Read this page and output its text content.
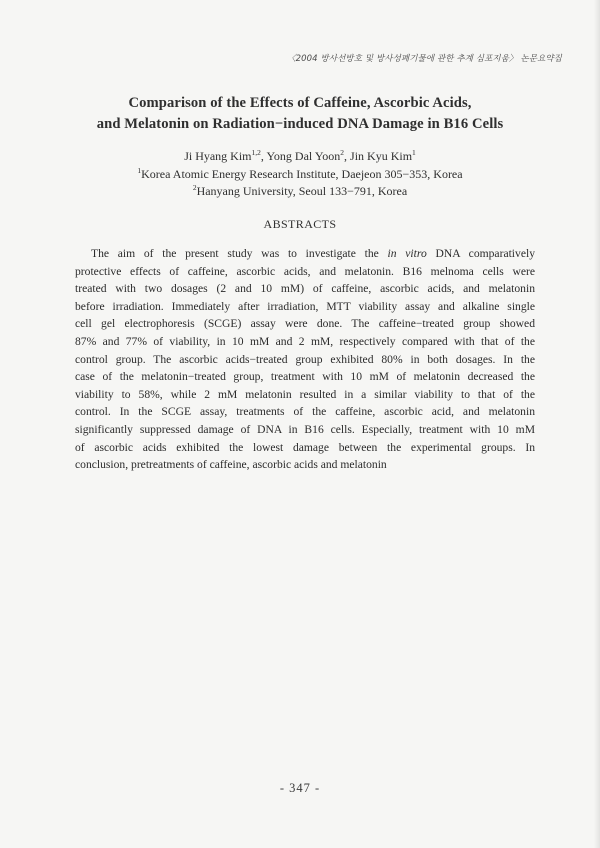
〈2004 방사선방호 및 방사성폐기물에 관한 추계 심포지움〉 논문요약집
Comparison of the Effects of Caffeine, Ascorbic Acids,
and Melatonin on Radiation−induced DNA Damage in B16 Cells
Ji Hyang Kim$^{1,2}$, Yong Dal Yoon$^2$, Jin Kyu Kim$^1$
$^1$Korea Atomic Energy Research Institute, Daejeon 305−353, Korea
$^2$Hanyang University, Seoul 133−791, Korea
ABSTRACTS
The aim of the present study was to investigate the in vitro DNA comparatively
protective effects of caffeine, ascorbic acids, and melatonin. B16 melnoma cells were
treated with two dosages (2 and 10 mM) of caffeine, ascorbic acids, and melatonin
before irradiation. Immediately after irradiation, MTT viability assay and alkaline single
cell gel electrophoresis (SCGE) assay were done. The caffeine−treated group showed
87% and 77% of viability, in 10 mM and 2 mM, respectively compared with that of the
control group. The ascorbic acids−treated group exhibited 80% in both dosages. In the
case of the melatonin−treated group, treatment with 10 mM of melatonin decreased the
viability to 58%, while 2 mM melatonin resulted in a similar viability to that of the
control. In the SCGE assay, treatments of the caffeine, ascorbic acid, and melatonin
significantly suppressed damage of DNA in B16 cells. Especially, treatment with 10 mM
of ascorbic acids exhibited the lowest damage between the experimental groups. In
conclusion, pretreatments of caffeine, ascorbic acids and melatonin
- 347 -
